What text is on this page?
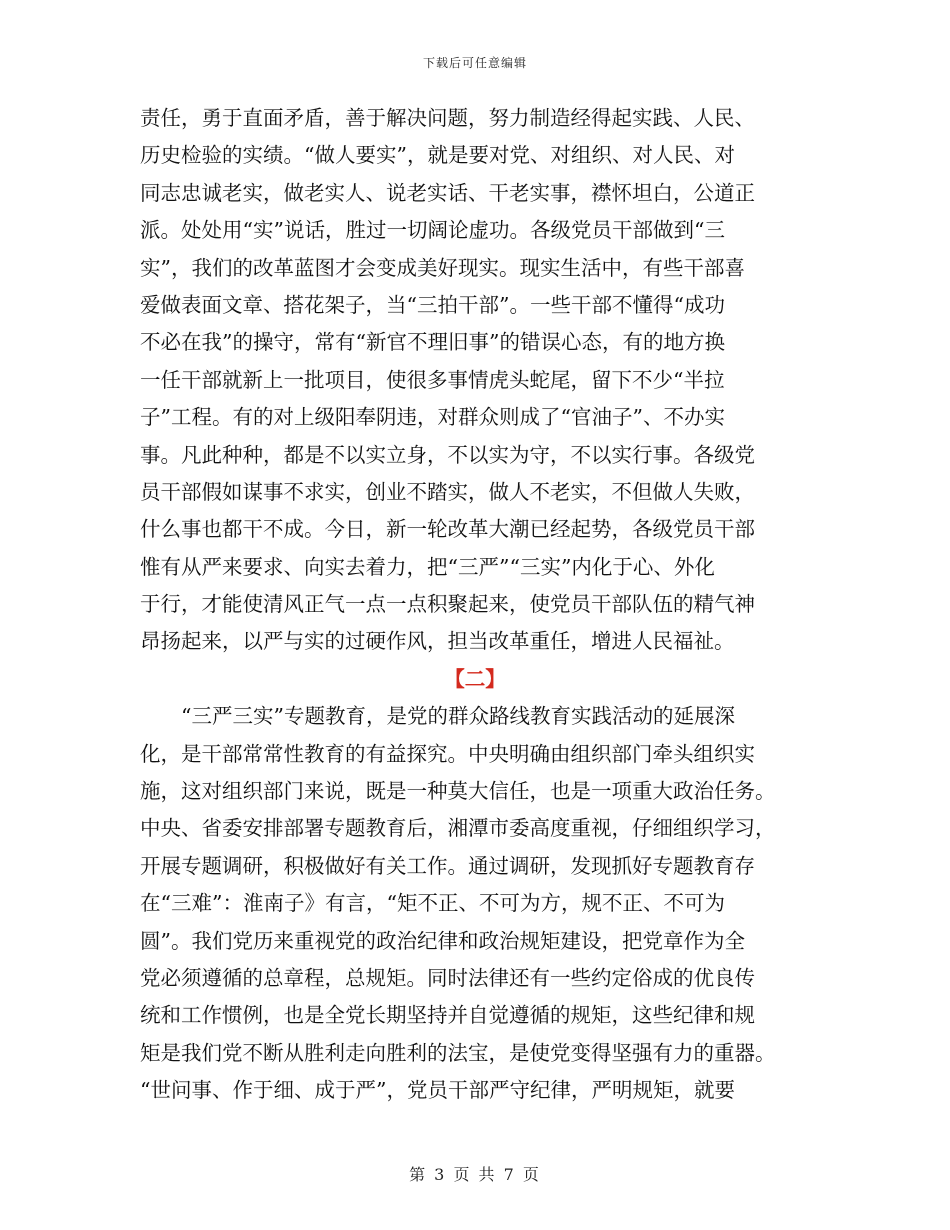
下载后可任意编辑
责任，勇于直面矛盾，善于解决问题，努力制造经得起实践、人民、
历史检验的实绩。“做人要实”，就是要对党、对组织、对人民、对
同志忠诚老实，做老实人、说老实话、干老实事，襟怀坦白，公道正
派。处处用“实”说话，胜过一切阔论虚功。各级党员干部做到“三
实”，我们的改革蓝图才会变成美好现实。现实生活中，有些干部喜
爱做表面文章、搭花架子，当“三拍干部”。一些干部不懂得“成功
不必在我”的操守，常有“新官不理旧事”的错误心态，有的地方换
一任干部就新上一批项目，使很多事情虎头蛇尾，留下不少“半拉
子”工程。有的对上级阳奉阴违，对群众则成了“官油子”、不办实
事。凡此种种，都是不以实立身，不以实为守，不以实行事。各级党
员干部假如谋事不求实，创业不踏实，做人不老实，不但做人失败，
什么事也都干不成。今日，新一轮改革大潮已经起势，各级党员干部
惟有从严来要求、向实去着力，把“三严”“三实”内化于心、外化
于行，才能使清风正气一点一点积聚起来，使党员干部队伍的精气神
昂扬起来，以严与实的过硬作风，担当改革重任，增进人民福祉。
【二】
“三严三实”专题教育，是党的群众路线教育实践活动的延展深
化，是干部常常性教育的有益探究。中央明确由组织部门牵头组织实
施，这对组织部门来说，既是一种莫大信任，也是一项重大政治任务。
中央、省委安排部署专题教育后，湘潭市委高度重视，仔细组织学习，
开展专题调研，积极做好有关工作。通过调研，发现抓好专题教育存
在“三难”：淮南子》有言，“矩不正、不可为方，规不正、不可为
圆”。我们党历来重视党的政治纪律和政治规矩建设，把党章作为全
党必须遵循的总章程，总规矩。同时法律还有一些约定俗成的优良传
统和工作惯例，也是全党长期坚持并自觉遵循的规矩，这些纪律和规
矩是我们党不断从胜利走向胜利的法宝，是使党变得坚强有力的重器。
“世问事、作于细、成于严”，党员干部严守纪律，严明规矩，就要
第 3 页 共 7 页
